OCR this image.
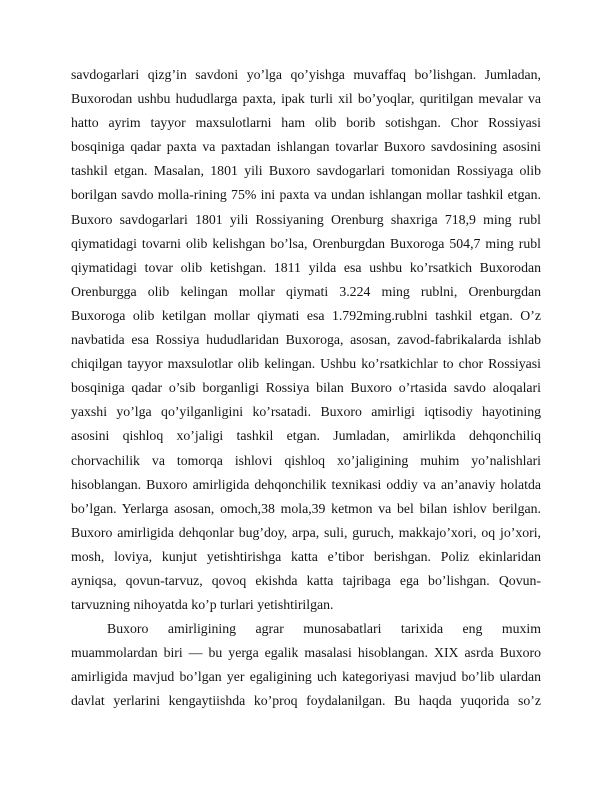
savdogarlari qizg’in savdoni yo’lga qo’yishga muvaffaq bo’lishgan. Jumladan,
Buxorodan ushbu hududlarga paxta, ipak turli xil bo’yoqlar, quritilgan mevalar va
hatto ayrim tayyor maxsulotlarni ham olib borib sotishgan. Chor Rossiyasi
bosqiniga qadar paxta va paxtadan ishlangan tovarlar Buxoro savdosining asosini
tashkil etgan. Masalan, 1801 yili Buxoro savdogarlari tomonidan Rossiyaga olib
borilgan savdo molla-rining 75% ini paxta va undan ishlangan mollar tashkil etgan.
Buxoro savdogarlari 1801 yili Rossiyaning Orenburg shaxriga 718,9 ming rubl
qiymatidagi tovarni olib kelishgan bo’lsa, Orenburgdan Buxoroga 504,7 ming rubl
qiymatidagi tovar olib ketishgan. 1811 yilda esa ushbu ko’rsatkich Buxorodan
Orenburgga olib kelingan mollar qiymati 3.224 ming rublni, Orenburgdan
Buxoroga olib ketilgan mollar qiymati esa 1.792ming.rublni tashkil etgan. O’z
navbatida esa Rossiya hududlaridan Buxoroga, asosan, zavod-fabrikalarda ishlab
chiqilgan tayyor maxsulotlar olib kelingan. Ushbu ko’rsatkichlar to chor Rossiyasi
bosqiniga qadar o’sib borganligi Rossiya bilan Buxoro o’rtasida savdo aloqalari
yaxshi yo’lga qo’yilganligini ko’rsatadi. Buxoro amirligi iqtisodiy hayotining
asosini qishloq xo’jaligi tashkil etgan. Jumladan, amirlikda dehqonchiliq
chorvachilik va tomorqa ishlovi qishloq xo’jaligining muhim yo’nalishlari
hisoblangan. Buxoro amirligida dehqonchilik texnikasi oddiy va an’anaviy holatda
bo’lgan. Yerlarga asosan, omoch,38 mola,39 ketmon va bel bilan ishlov berilgan.
Buxoro amirligida dehqonlar bug’doy, arpa, suli, guruch, makkajo’xori, oq jo’xori,
mosh, loviya, kunjut yetishtirishga katta e’tibor berishgan. Poliz ekinlaridan
ayniqsa, qovun-tarvuz, qovoq ekishda katta tajribaga ega bo’lishgan. Qovun-
tarvuzning nihoyatda ko’p turlari yetishtirilgan.
Buxoro amirligining agrar munosabatlari tarixida eng muxim
muammolardan biri — bu yerga egalik masalasi hisoblangan. XIX asrda Buxoro
amirligida mavjud bo’lgan yer egaligining uch kategoriyasi mavjud bo’lib ulardan
davlat yerlarini kengaytiishda ko’proq foydalanilgan. Bu haqda yuqorida so’z
